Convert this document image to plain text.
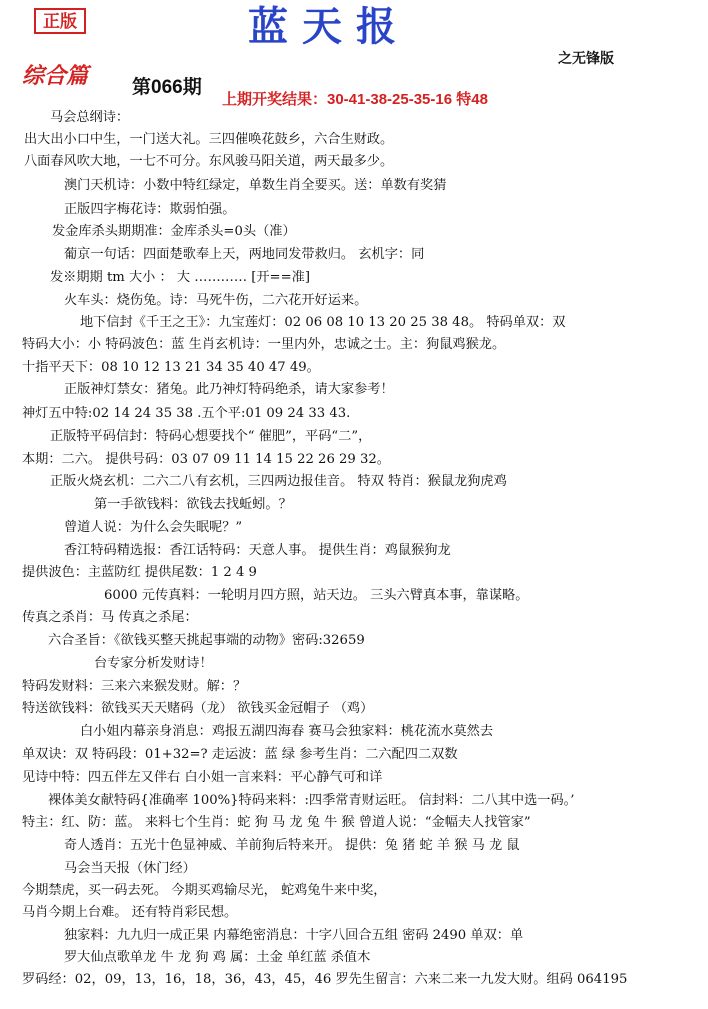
正版	蓝天报
之无锋版
综合篇 第066期
上期开奖结果：30-41-38-25-35-16 特48
马会总纲诗：
出大出小口中生，一门送大礼。三四催唤花鼓乡，六合生财政。
八面春风吹大地，一七不可分。东风骏马阳关道，两天最多少。
澳门天机诗：小数中特红绿定，单数生肖全要买。送：单数有奖猜
正版四字梅花诗：欺弱怕强。
发金库杀头期期准：金库杀头=0头（准）
葡京一句话：四面楚歌奉上天，两地同发带救归。 玄机字：同
发※期期 tm 大小 ： 大 ………… [开==准]
火车头：烧伤兔。诗：马死牛伤，二六花开好运来。
地下信封《千王之王》：九宝莲灯：02 06 08 10 13 20 25 38 48。 特码单双：双
特码大小：小 特码波色：蓝 生肖玄机诗：一里内外，忠诚之士。主：狗鼠鸡猴龙。
十指平天下：08 10 12 13 21 34 35 40 47 49。
正版神灯禁女：猪兔。此乃神灯特码绝杀，请大家参考！
神灯五中特:02 14 24 35 38 .五个平:01 09 24 33 43.
正版特平码信封：特码心想要找个“ 催肥”，平码“二”，
本期：二六。 提供号码：03 07 09 11 14 15 22 26 29 32。
正版火烧玄机：二六二八有玄机，三四两边报佳音。 特双 特肖：猴鼠龙狗虎鸡
第一手欲钱料：欲钱去找蚯蚓。？
曾道人说：为什么会失眠呢？”
香江特码精选报：香江话特码：天意人事。 提供生肖：鸡鼠猴狗龙
提供波色：主蓝防红 提供尾数：1 2 4 9
6000 元传真料：一轮明月四方照，站天边。 三头六臂真本事，靠谋略。
传真之杀肖：马 传真之杀尾：
六合圣旨：《欲钱买整天挑起事端的动物》密码:32659
台专家分析发财诗！
特码发财料：三来六来猴发财。解：？
特送欲钱料：欲钱买天天赌码（龙） 欲钱买金冠帽子 （鸡）
白小姐内幕亲身消息：鸡报五湖四海春 赛马会独家料：桃花流水莫然去
单双诀：双 特码段：01+32=? 走运波：蓝 绿 参考生肖：二六配四二双数
见诗中特：四五伴左又伴右 白小姐一言来料：平心静气可和详
裸体美女献特码{准确率 100%}特码来料：:四季常青财运旺。 信封料：二八其中选一码。’
特主：红、防：蓝。 来料七个生肖：蛇 狗 马 龙 兔 牛 猴 曾道人说：“金幅夫人找管家”
奇人透肖：五光十色显神威、羊前狗后特来开。 提供：兔 猪 蛇 羊 猴 马 龙 鼠
马会当天报（休门经）
今期禁虎，买一码去死。 今期买鸡输尽光， 蛇鸡兔牛来中奖，
马肖今期上台难。 还有特肖彩民想。
独家料：九九归一成正果 内幕绝密消息：十字八回合五组 密码 2490 单双：单
罗大仙点歌单龙 牛 龙 狗 鸡 属：土金 单红蓝 杀值木
罗码经：02，09，13，16，18，36，43，45，46 罗先生留言：六来二来一九发大财。组码 064195
